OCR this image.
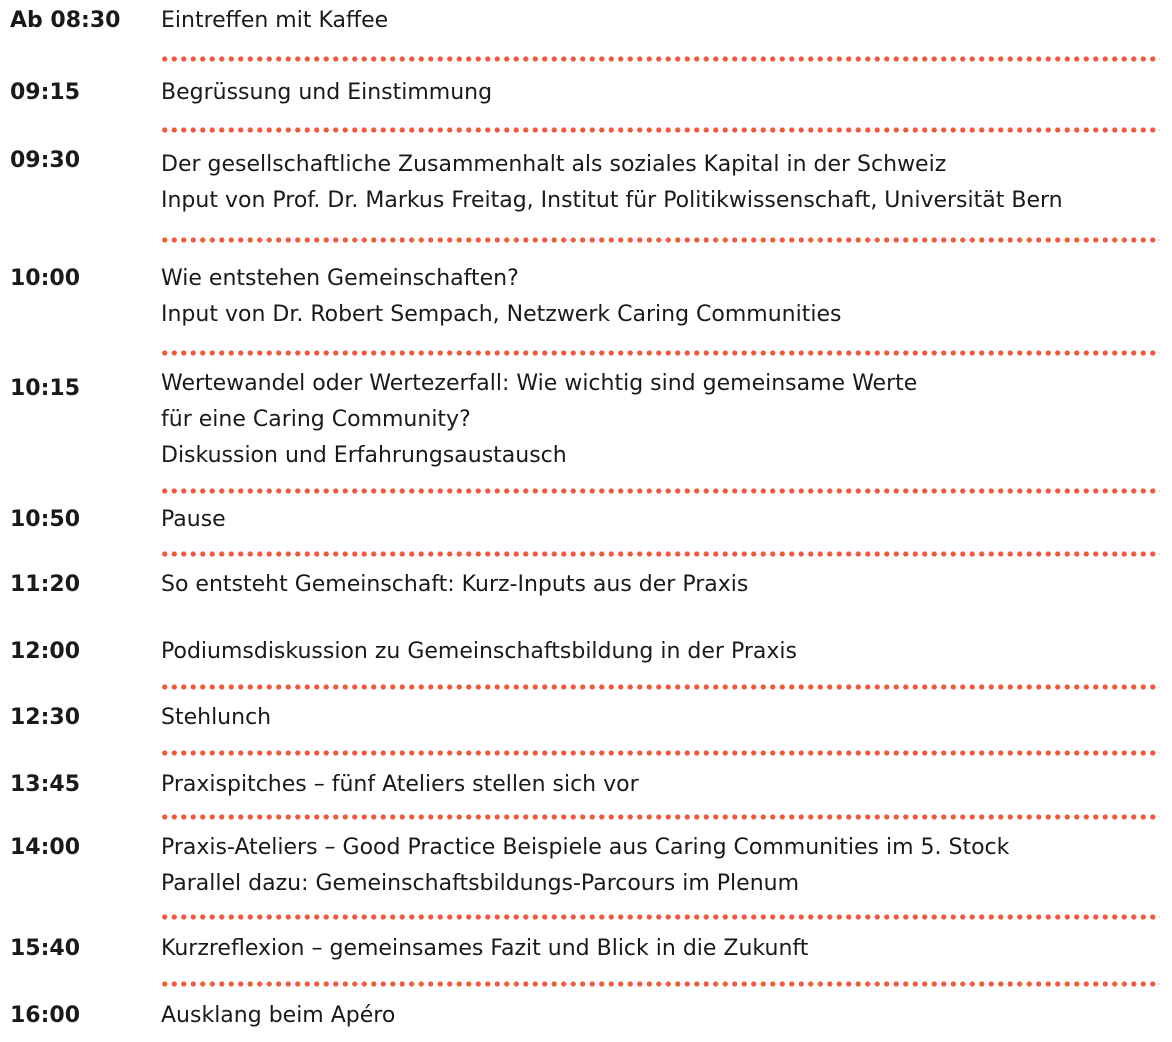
Ab 08:30 Eintreffen mit Kaffee
09:15	Begrüssung und Einstimmung
09:30	Der gesellschaftliche Zusammenhalt als soziales Kapital in der Schweiz
Input von Prof. Dr. Markus Freitag, Institut für Politikwissenschaft, Universität Bern
10:00	Wie entstehen Gemeinschaften?
Input von Dr. Robert Sempach, Netzwerk Caring Communities
10:15	Wertewandel oder Wertezerfall: Wie wichtig sind gemeinsame Werte
für eine Caring Community?
Diskussion und Erfahrungsaustausch
10:50	Pause
11:20	So entsteht Gemeinschaft: Kurz-Inputs aus der Praxis
12:00	Podiumsdiskussion zu Gemeinschaftsbildung in der Praxis
12:30	Stehlunch
13:45	Praxispitches – fünf Ateliers stellen sich vor
14:00	Praxis-Ateliers – Good Practice Beispiele aus Caring Communities im 5. Stock
Parallel dazu: Gemeinschaftsbildungs-Parcours im Plenum
15:40	Kurzreflexion – gemeinsames Fazit und Blick in die Zukunft
16:00	Ausklang beim Apéro
